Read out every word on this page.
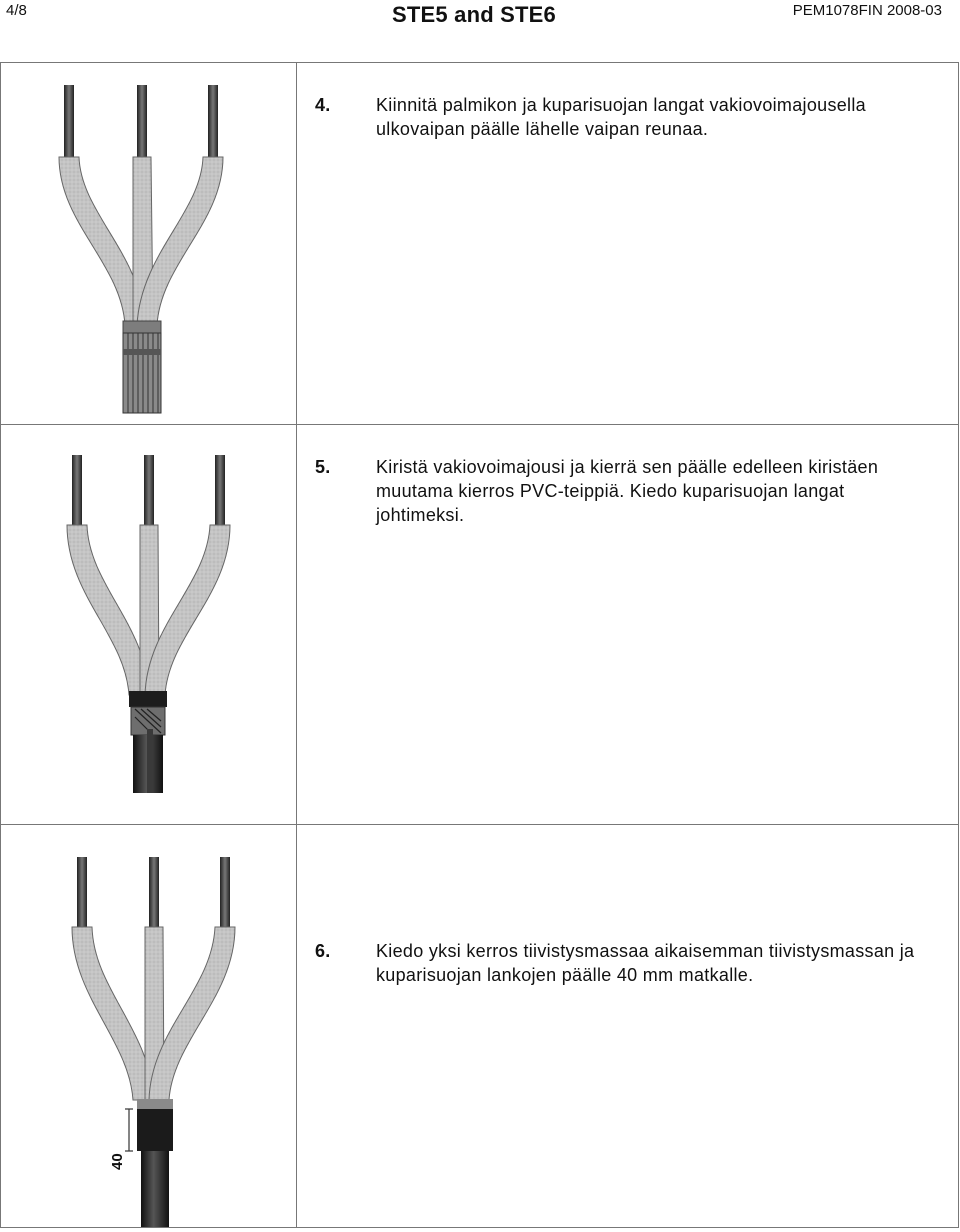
4/8	STE5 and STE6	PEM1078FIN 2008-03
4.	Kiinnitä palmikon ja kuparisuojan langat vakiovoimajousella ulkovaipan päälle lähelle vaipan reunaa.
5.	Kiristä vakiovoimajousi ja kierrä sen päälle edelleen kiristäen muutama kierros PVC-teippiä. Kiedo kuparisuojan langat johtimeksi.
40
6.	Kiedo yksi kerros tiivistysmassaa aikaisemman tiivistysmassan ja kuparisuojan lankojen päälle 40 mm matkalle.
